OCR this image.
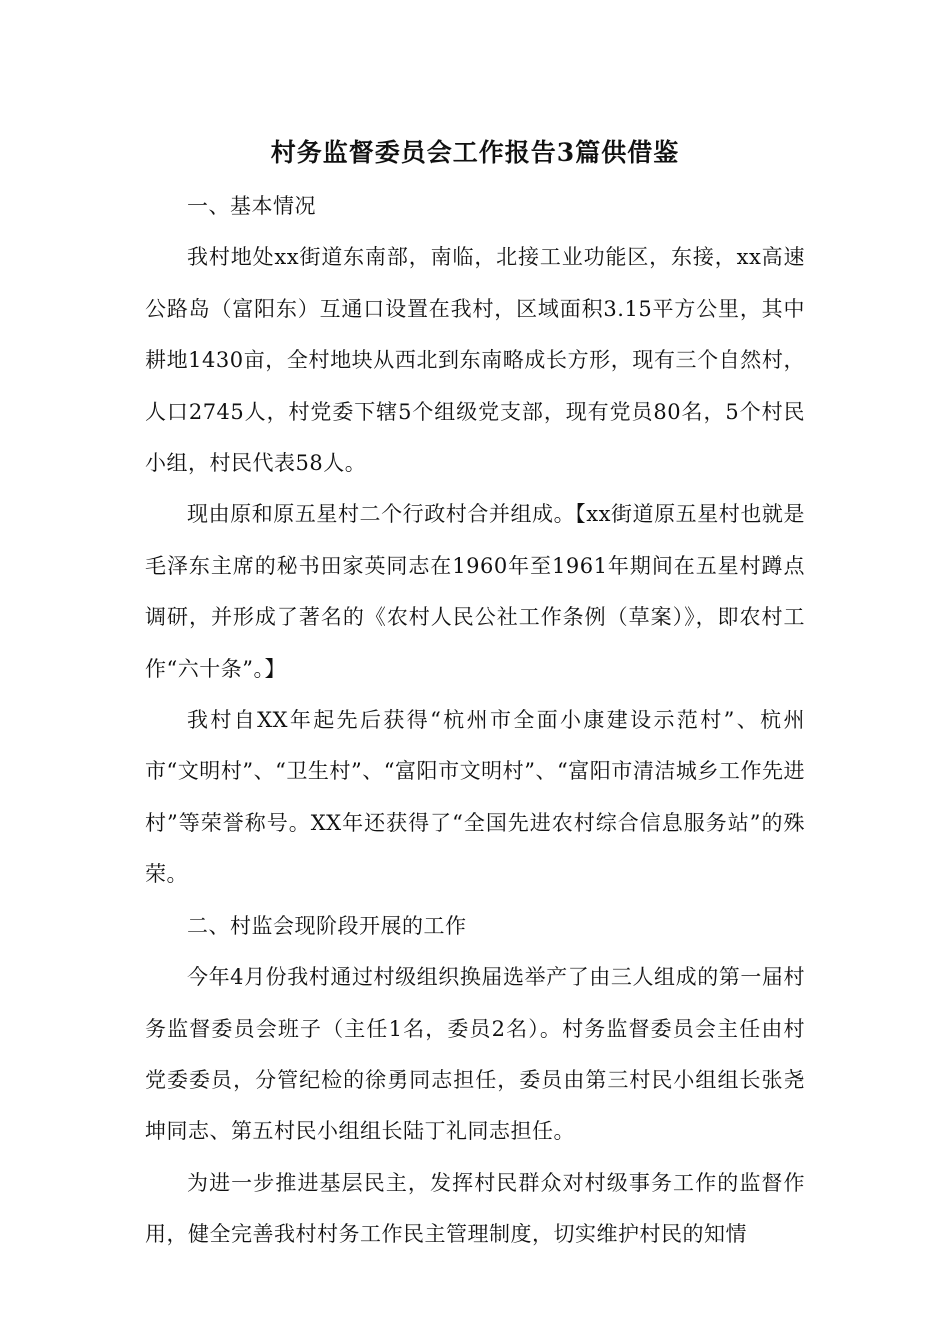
村务监督委员会工作报告3篇供借鉴

一、基本情况

我村地处xx街道东南部，南临，北接工业功能区，东接，xx高速公路岛（富阳东）互通口设置在我村，区域面积3.15平方公里，其中耕地1430亩，全村地块从西北到东南略成长方形，现有三个自然村，人口2745人，村党委下辖5个组级党支部，现有党员80名，5个村民小组，村民代表58人。

现由原和原五星村二个行政村合并组成。【xx街道原五星村也就是毛泽东主席的秘书田家英同志在1960年至1961年期间在五星村蹲点调研，并形成了著名的《农村人民公社工作条例（草案）》，即农村工作“六十条”。】

我村自XX年起先后获得“杭州市全面小康建设示范村”、杭州市“文明村”、“卫生村”、“富阳市文明村”、“富阳市清洁城乡工作先进村”等荣誉称号。XX年还获得了“全国先进农村综合信息服务站”的殊荣。

二、村监会现阶段开展的工作

今年4月份我村通过村级组织换届选举产了由三人组成的第一届村务监督委员会班子（主任1名，委员2名）。村务监督委员会主任由村党委委员，分管纪检的徐勇同志担任，委员由第三村民小组组长张尧坤同志、第五村民小组组长陆丁礼同志担任。

为进一步推进基层民主，发挥村民群众对村级事务工作的监督作用，健全完善我村村务工作民主管理制度，切实维护村民的知情
